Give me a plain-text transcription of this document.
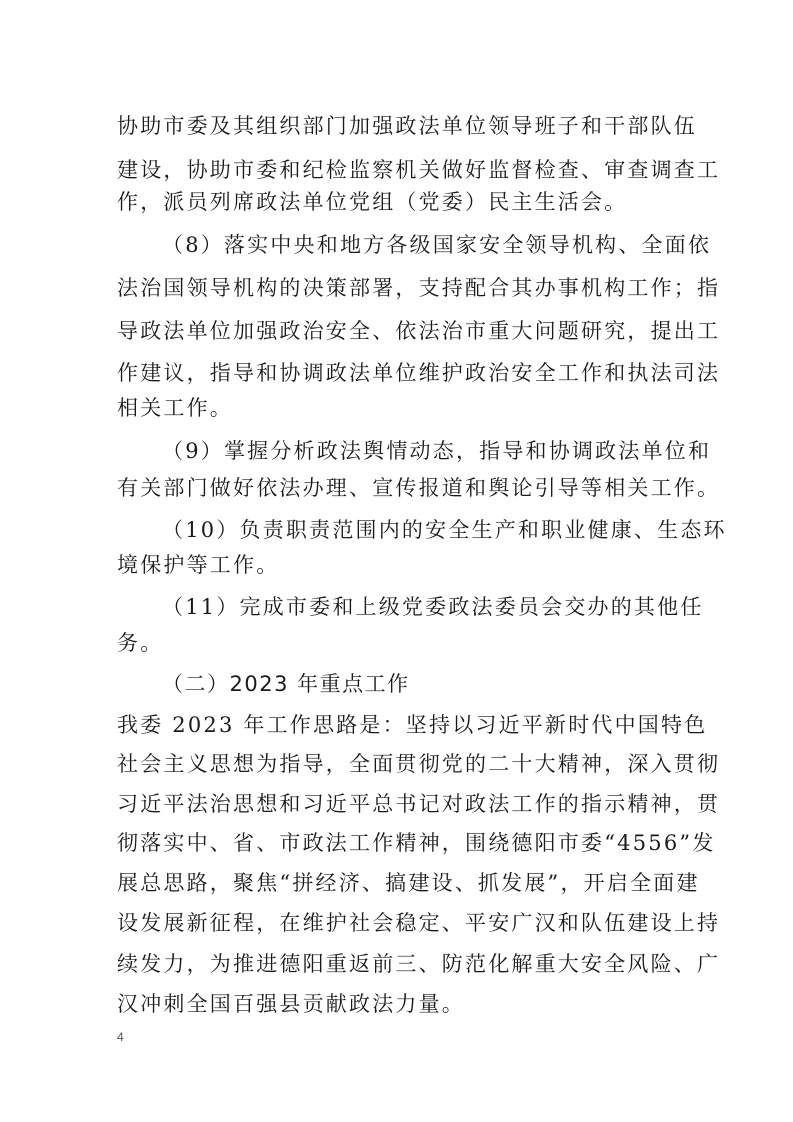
协助市委及其组织部门加强政法单位领导班子和干部队伍
建设，协助市委和纪检监察机关做好监督检查、审查调查工
作，派员列席政法单位党组（党委）民主生活会。
（8）落实中央和地方各级国家安全领导机构、全面依
法治国领导机构的决策部署，支持配合其办事机构工作；指
导政法单位加强政治安全、依法治市重大问题研究，提出工
作建议，指导和协调政法单位维护政治安全工作和执法司法
相关工作。
（9）掌握分析政法舆情动态，指导和协调政法单位和
有关部门做好依法办理、宣传报道和舆论引导等相关工作。
（10）负责职责范围内的安全生产和职业健康、生态环
境保护等工作。
（11）完成市委和上级党委政法委员会交办的其他任
务。
（二）2023 年重点工作
我委 2023 年工作思路是：坚持以习近平新时代中国特色
社会主义思想为指导，全面贯彻党的二十大精神，深入贯彻
习近平法治思想和习近平总书记对政法工作的指示精神，贯
彻落实中、省、市政法工作精神，围绕德阳市委“4556”发
展总思路，聚焦“拼经济、搞建设、抓发展”，开启全面建
设发展新征程，在维护社会稳定、平安广汉和队伍建设上持
续发力，为推进德阳重返前三、防范化解重大安全风险、广
汉冲刺全国百强县贡献政法力量。
4
